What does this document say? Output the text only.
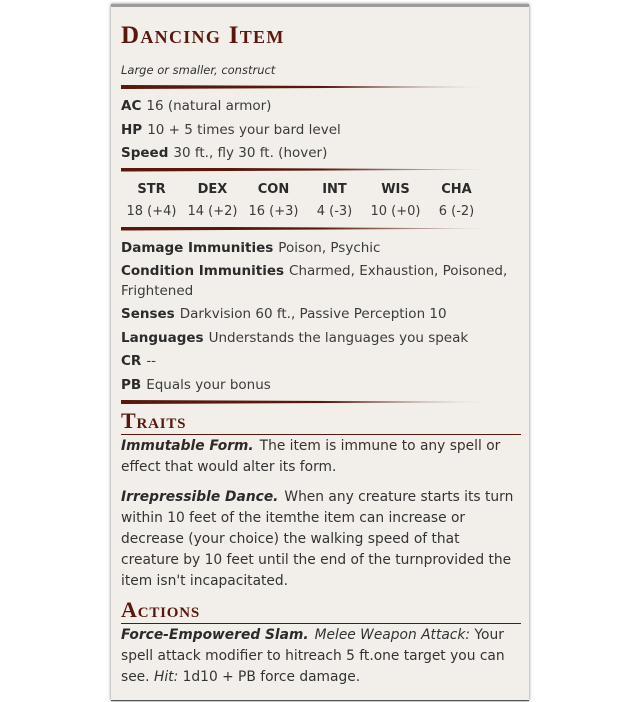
Dancing Item
Large or smaller, construct
AC 16 (natural armor)
HP 10 + 5 times your bard level
Speed 30 ft., fly 30 ft. (hover)
STR
18 (+4)
DEX
14 (+2)
CON
16 (+3)
INT
4 (-3)
WIS
10 (+0)
CHA
6 (-2)
Damage Immunities Poison, Psychic
Condition Immunities Charmed, Exhaustion, Poisoned, Frightened
Senses Darkvision 60 ft., Passive Perception 10
Languages Understands the languages you speak
CR --
PB Equals your bonus
Traits

Immutable Form. The item is immune to any spell or effect that would alter its form.

Irrepressible Dance. When any creature starts its turn within 10 feet of the itemthe item can increase or decrease (your choice) the walking speed of that creature by 10 feet until the end of the turnprovided the item isn't incapacitated.

Actions

Force-Empowered Slam. Melee Weapon Attack: Your spell attack modifier to hitreach 5 ft.one target you can see. Hit: 1d10 + PB force damage.
